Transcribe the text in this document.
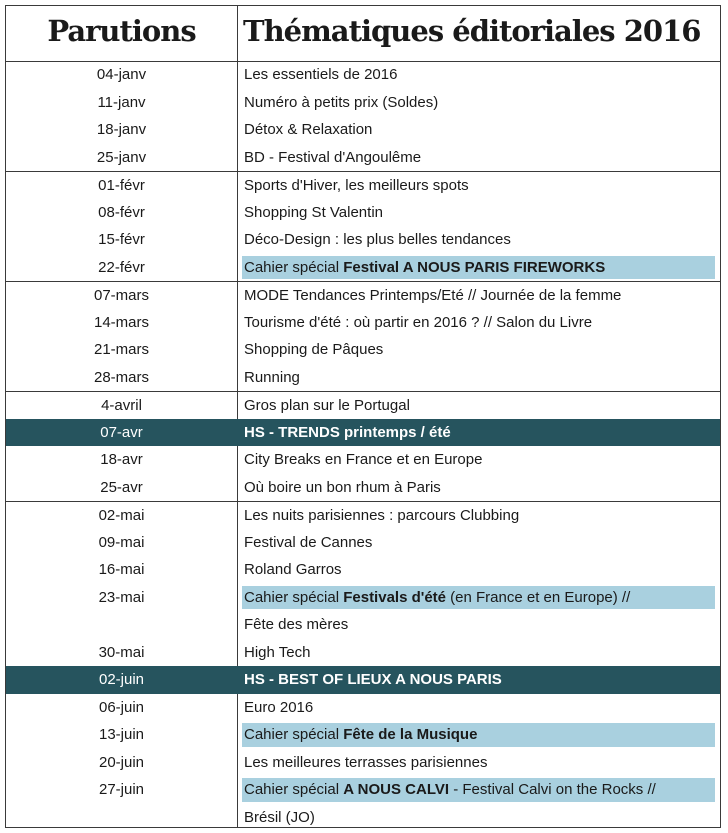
Parutions	Thématiques éditoriales 2016
04-janv	Les essentiels de 2016
11-janv	Numéro à petits prix (Soldes)
18-janv	Détox & Relaxation
25-janv	BD - Festival d'Angoulême
01-févr	Sports d'Hiver, les meilleurs spots
08-févr	Shopping St Valentin
15-févr	Déco-Design : les plus belles tendances
22-févr	Cahier spécial Festival A NOUS PARIS FIREWORKS
07-mars	MODE Tendances Printemps/Eté // Journée de la femme
14-mars	Tourisme d'été : où partir en 2016 ? // Salon du Livre
21-mars	Shopping de Pâques
28-mars	Running
4-avril	Gros plan sur le Portugal
07-avr	HS - TRENDS printemps / été
18-avr	City Breaks en France et en Europe
25-avr	Où boire un bon rhum à Paris
02-mai	Les nuits parisiennes : parcours Clubbing
09-mai	Festival de Cannes
16-mai	Roland Garros
23-mai	Cahier spécial Festivals d'été (en France et en Europe) //
Fête des mères
30-mai	High Tech
02-juin	HS - BEST OF LIEUX A NOUS PARIS
06-juin	Euro 2016
13-juin	Cahier spécial Fête de la Musique
20-juin	Les meilleures terrasses parisiennes
27-juin	Cahier spécial A NOUS CALVI - Festival Calvi on the Rocks //
Brésil (JO)
